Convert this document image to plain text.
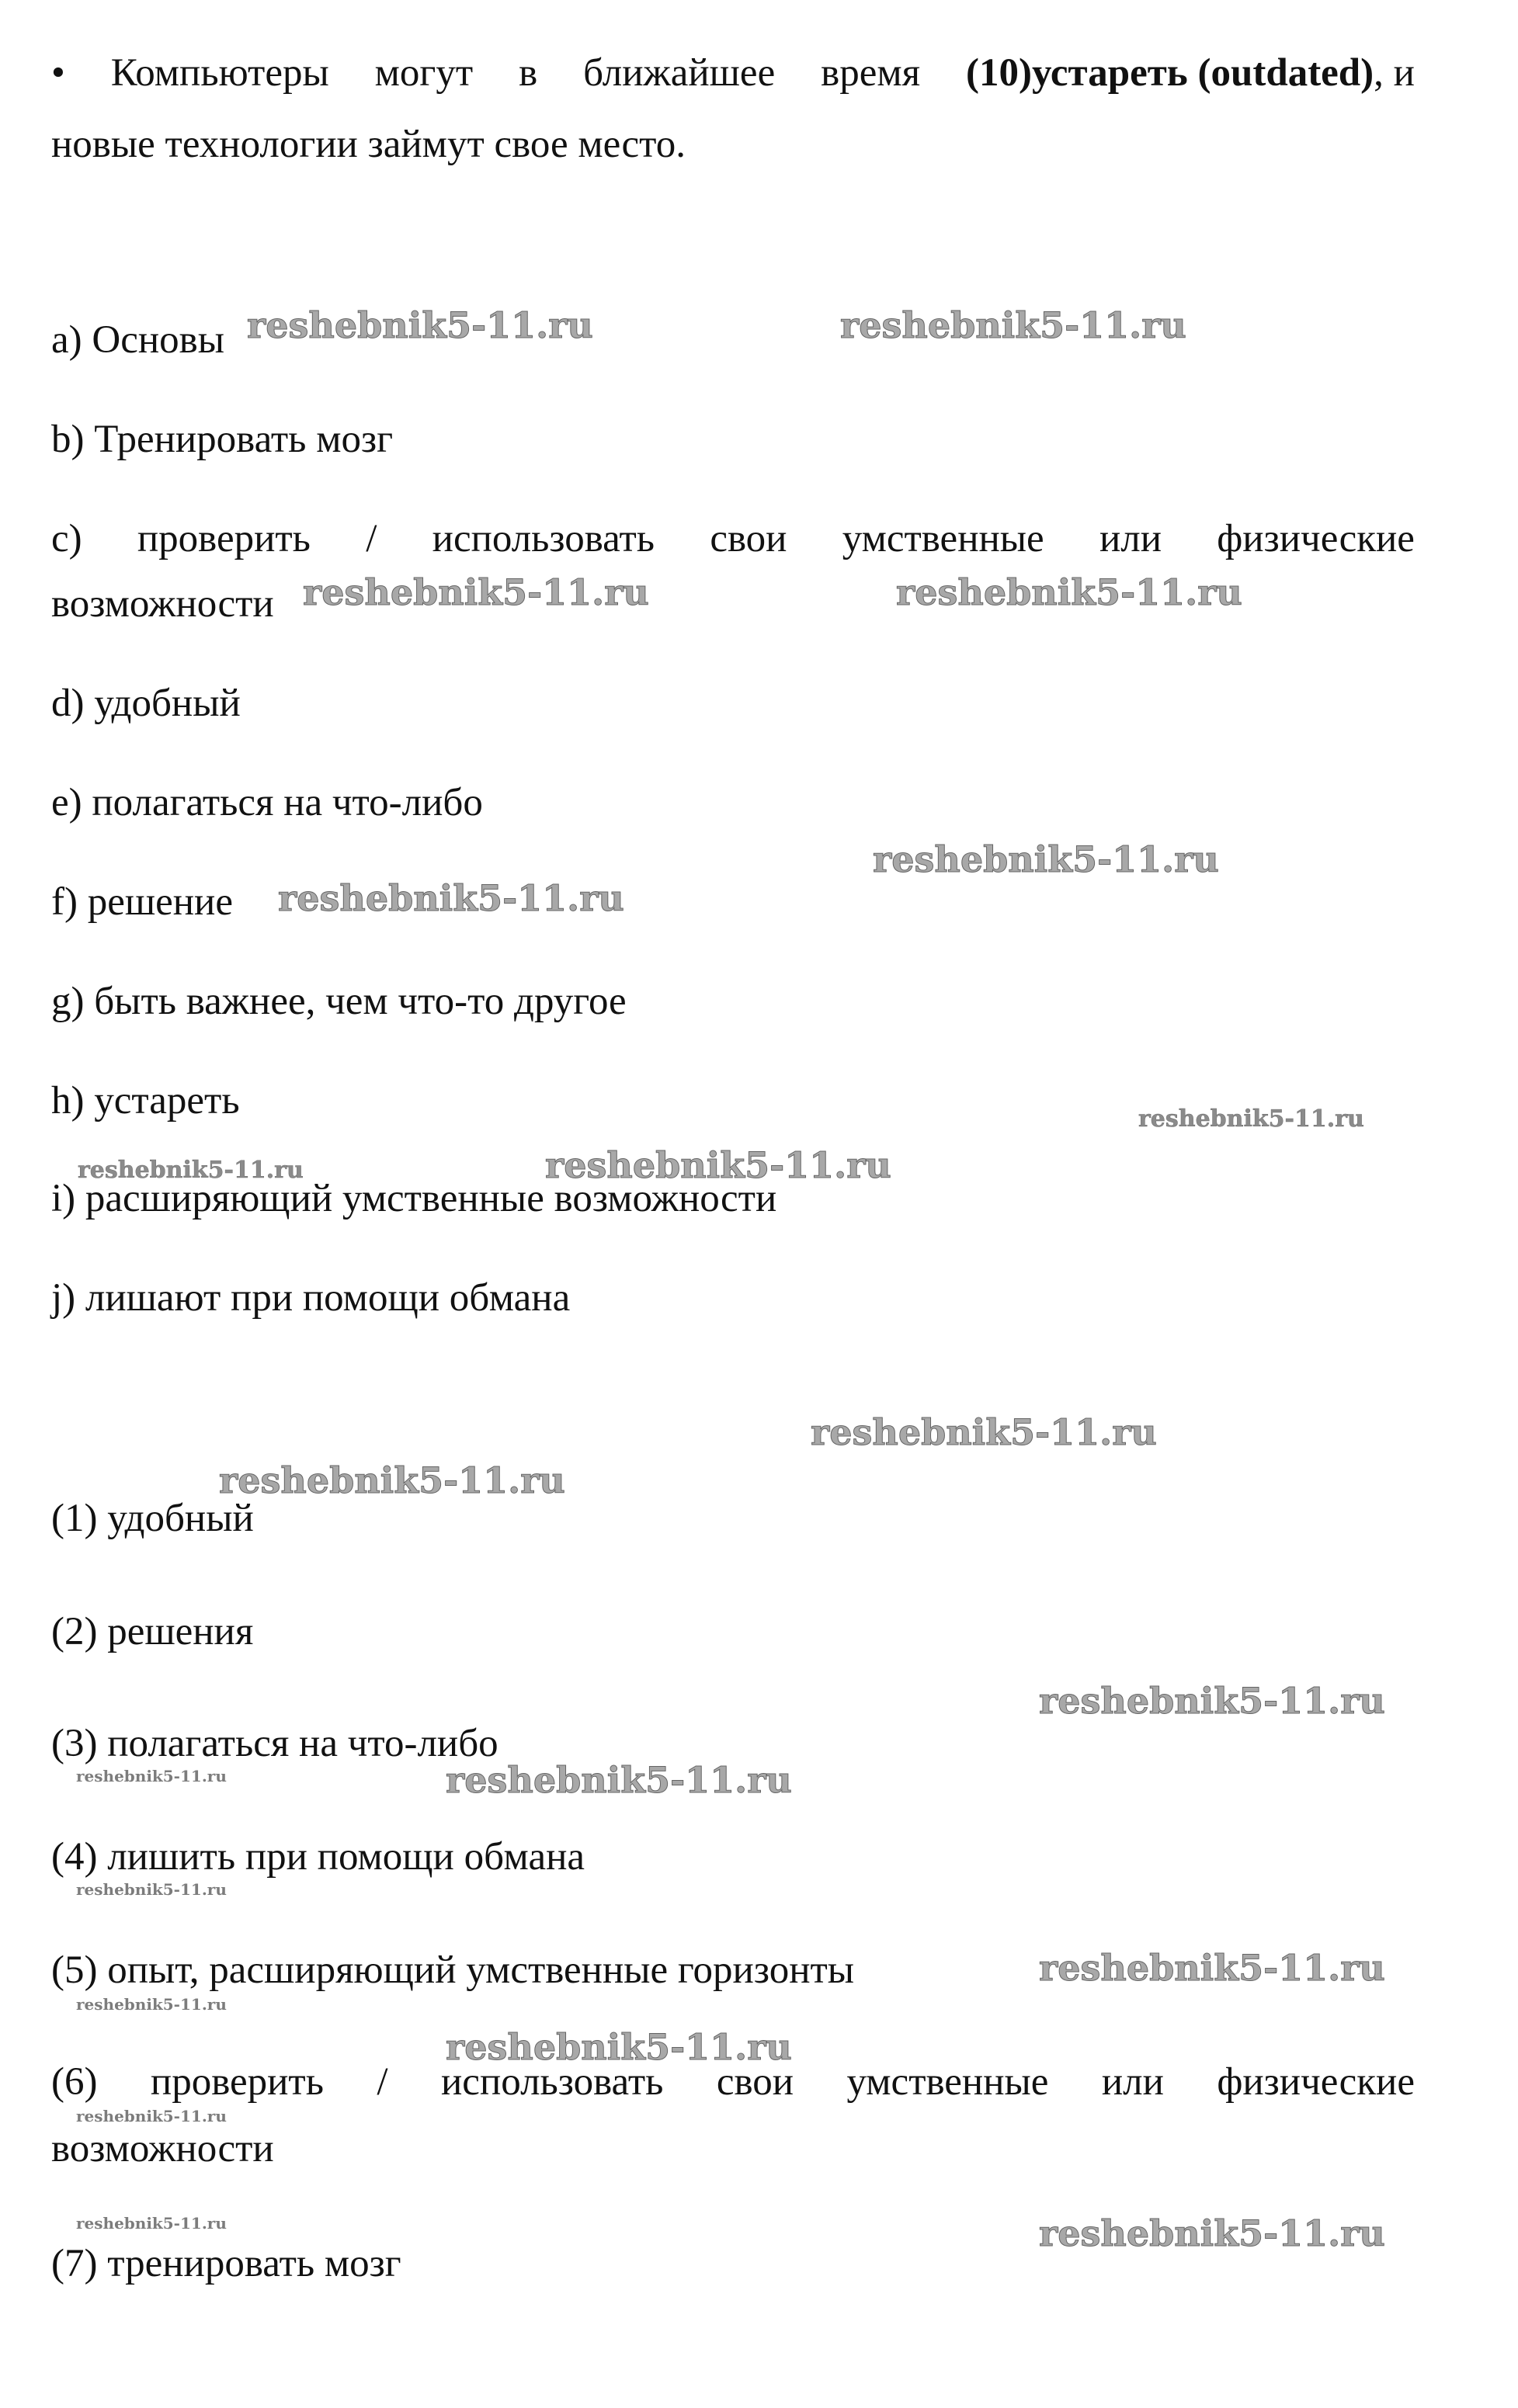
• Компьютеры могут в ближайшее время (10)устареть (outdated), и
новые технологии займут свое место.
a) Основы
b) Тренировать мозг
c) проверить / использовать свои умственные или физические
возможности
d) удобный
e) полагаться на что-либо
f) решение
g) быть важнее, чем что-то другое
h) устареть
i) расширяющий умственные возможности
j) лишают при помощи обмана
(1) удобный
(2) решения
(3) полагаться на что-либо
(4) лишить при помощи обмана
(5) опыт, расширяющий умственные горизонты
(6) проверить / использовать свои умственные или физические
возможности
(7) тренировать мозг
reshebnik5-11.ru	reshebnik5-11.ru
reshebnik5-11.ru	reshebnik5-11.ru
reshebnik5-11.ru
reshebnik5-11.ru
reshebnik5-11.ru
reshebnik5-11.ru	reshebnik5-11.ru
reshebnik5-11.ru
reshebnik5-11.ru
reshebnik5-11.ru
reshebnik5-11.ru	reshebnik5-11.ru
reshebnik5-11.ru
reshebnik5-11.ru
reshebnik5-11.ru
reshebnik5-11.ru
reshebnik5-11.ru
reshebnik5-11.ru	reshebnik5-11.ru
